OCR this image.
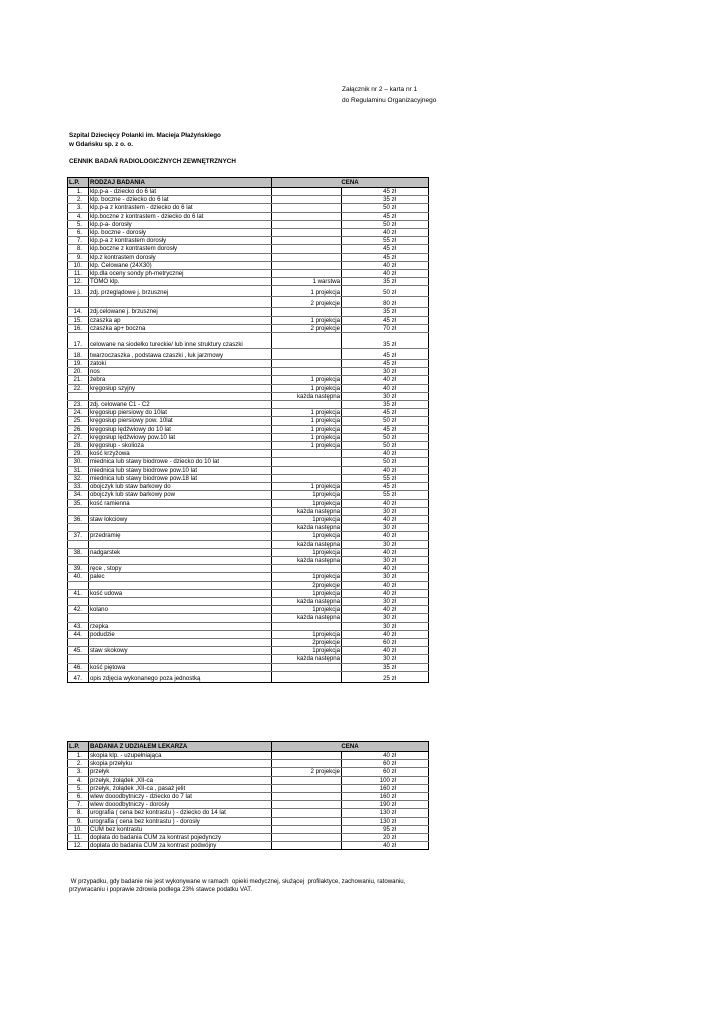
Załącznik nr 2 – karta nr 1
do Regulaminu Organizacyjnego
Szpital Dziecięcy Polanki im. Macieja Płażyńskiego
w Gdańsku sp. z o. o.
CENNIK BADAŃ RADIOLOGICZNYCH ZEWNĘTRZNYCH
L.P.	RODZAJ BADANIA	CENA	
1.	klp.p-a - dziecko do 6 lat		45 zł
2.	klp. boczne - dziecko do 6 lat		35 zł
3.	klp.p-a z kontrastem - dziecko do 6 lat		50 zł
4.	klp.boczne z kontrastem - dziecko do 6 lat		45 zł
5.	klp.p-a- dorosły		50 zł
6.	klp. boczne - dorosły		40 zł
7.	klp.p-a z kontrastem dorosły		55 zł
8.	klp.boczne z kontrastem dorosły		45 zł
9.	klp.z kontrastem dorosły		45 zł
10.	klp. Celowane (24X30)		40 zł
11.	klp.dla oceny sondy ph-metrycznej		40 zł
12.	TOMO klp.	1 warstwa	35 zł
13.	zdj. przeglądowe j. brzusznej	1 projekcja	50 zł
		2 projekcje	80 zł
14.	zdj.celowane j. brzusznej		35 zł
15.	czaszka ap	1 projekcja	45 zł
16.	czaszka ap+ boczna	2 projekcje	70 zł
17.	celowane na siodełko tureckie/ lub inne struktury czaszki		35 zł
18.	twarzoczaszka , podstawa czaszki , łuk jarzmowy		45 zł
19.	zatoki		45 zł
20.	nos		30 zł
21.	żebra	1 projekcja	40 zł
22.	kręgosłup szyjny	1 projekcja	40 zł
		każda następna	30 zł
23.	zdj. celowane C1 - C2		35 zł
24.	kręgosłup piersiowy do 10lat	1 projekcja	45 zł
25.	kręgosłup piersiowy pow. 10lat	1 projekcja	50 zł
26.	kręgosłup lędźwiowy do 10 lat	1 projekcja	45 zł
27.	kręgosłup lędźwiowy pow.10 lat	1 projekcja	50 zł
28.	kręgosłup - skolioza	1 projekcja	50 zł
29.	kość krzyżowa		40 zł
30.	miednica lub stawy biodrowe - dziecko do 10 lat		50 zł
31.	miednica lub stawy biodrowe pow.10 lat		40 zł
32.	miednica lub stawy biodrowe pow.18 lat		55 zł
33.	obojczyk lub staw barkowy do	1 projekcja	45 zł
34.	obojczyk lub staw barkowy pow	1projekcja	55 zł
35.	kość ramienna	1projekcja	40 zł
		każda następna	30 zł
36.	staw łokciowy	1projekcja	40 zł
		każda następna	30 zł
37.	przedramię	1projekcja	40 zł
		każda następna	30 zł
38.	nadgarstek	1projekcja	40 zł
		każda następna	30 zł
39.	ręce , stopy		40 zł
40.	palec	1projekcja	30 zł
		2projekcje	40 zł
41.	kość udowa	1projekcja	40 zł
		każda następna	30 zł
42.	kolano	1projekcja	40 zł
		każda następna	30 zł
43.	rzepka		30 zł
44.	podudzie	1projekcja	40 zł
		2projekcje	60 zł
45.	staw skokowy	1projekcja	40 zł
		każda następna	30 zł
46.	kość piętowa		35 zł
47.	opis zdjęcia wykonanego poza jednostką		25 zł
L.P.	BADANIA Z UDZIAŁEM LEKARZA	CENA	
1.	skopia klp. - uzupełniająca		40 zł
2.	skopia przełyku		60 zł
3.	przełyk	2 projekcje	60 zł
4.	przełyk, żołądek ,XII-ca		100 zł
5.	przełyk, żołądek ,XII-ca , pasaż jelit		160 zł
6.	wlew dooodbytniczy - dziecko do 7 lat		160 zł
7.	wlew dooodbytniczy - dorosły		190 zł
8.	urografia ( cena bez kontrastu ) - dziecko do 14 lat		130 zł
9.	urografia ( cena bez kontrastu ) - dorosły		130 zł
10.	CUM bez kontrastu		95 zł
11.	dopłata do badania CUM za kontrast pojedynczy		20 zł
12.	dopłata do badania CUM za kontrast podwójny		40 zł
W przypadku, gdy badanie nie jest wykonywane w ramach  opieki medycznej, służącej  profilaktyce, zachowaniu, ratowaniu,
przywracaniu i poprawie zdrowia podlega 23% stawce podatku VAT.
